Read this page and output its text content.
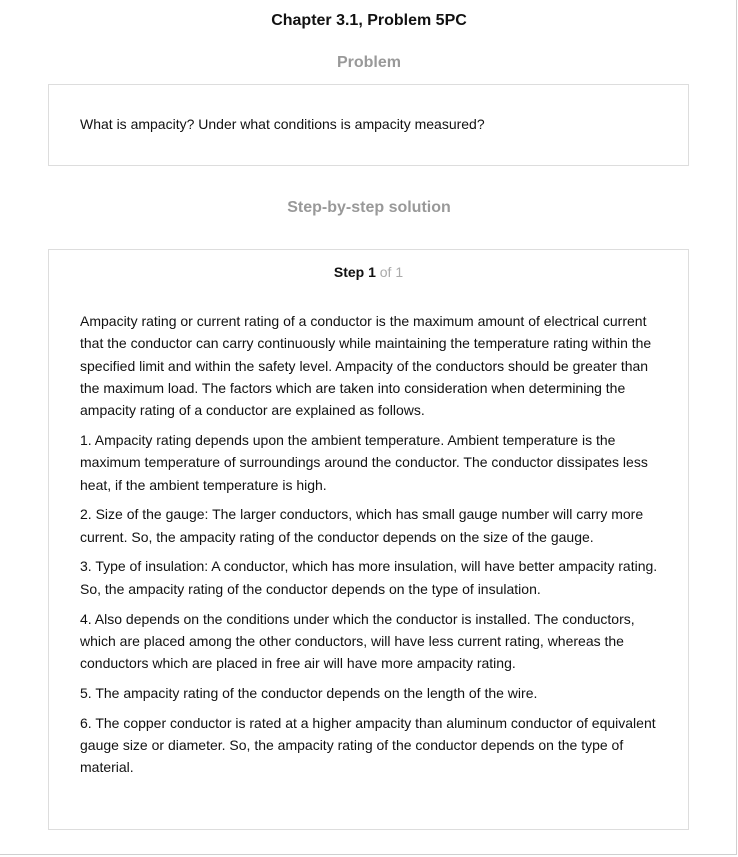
Chapter 3.1, Problem 5PC
Problem
What is ampacity? Under what conditions is ampacity measured?
Step-by-step solution
Step 1 of 1

Ampacity rating or current rating of a conductor is the maximum amount of electrical current that the conductor can carry continuously while maintaining the temperature rating within the specified limit and within the safety level. Ampacity of the conductors should be greater than the maximum load. The factors which are taken into consideration when determining the ampacity rating of a conductor are explained as follows.

1. Ampacity rating depends upon the ambient temperature. Ambient temperature is the maximum temperature of surroundings around the conductor. The conductor dissipates less heat, if the ambient temperature is high.

2. Size of the gauge: The larger conductors, which has small gauge number will carry more current. So, the ampacity rating of the conductor depends on the size of the gauge.

3. Type of insulation: A conductor, which has more insulation, will have better ampacity rating. So, the ampacity rating of the conductor depends on the type of insulation.

4. Also depends on the conditions under which the conductor is installed. The conductors, which are placed among the other conductors, will have less current rating, whereas the conductors which are placed in free air will have more ampacity rating.

5. The ampacity rating of the conductor depends on the length of the wire.

6. The copper conductor is rated at a higher ampacity than aluminum conductor of equivalent gauge size or diameter. So, the ampacity rating of the conductor depends on the type of material.
